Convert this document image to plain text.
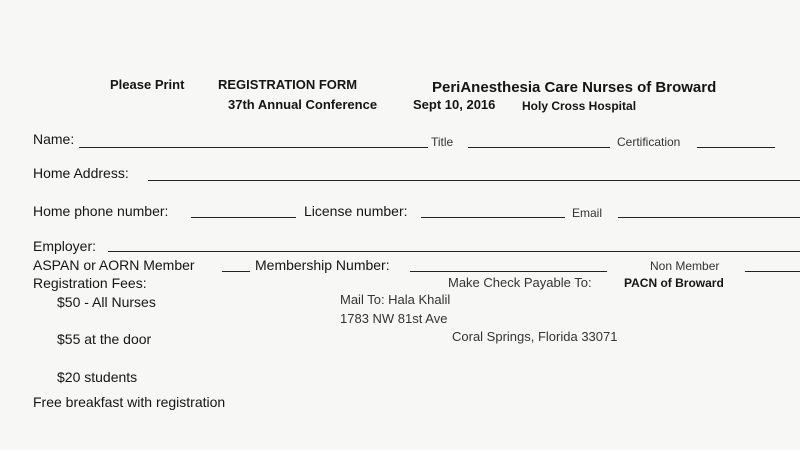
Please Print	REGISTRATION FORM	PeriAnesthesia Care Nurses of Broward
37th Annual Conference	Sept 10, 2016 Holy Cross Hospital
Name:	Title	Certification
Home Address:
Home phone number:	License number:	Email
Employer:
ASPAN or AORN Member	Membership Number:	Non Member
Registration Fees:	Make Check Payable To:	PACN of Broward
$50 - All Nurses	Mail To: Hala Khalil
1783 NW 81st Ave
$55 at the door	Coral Springs, Florida 33071
$20 students
Free breakfast with registration
